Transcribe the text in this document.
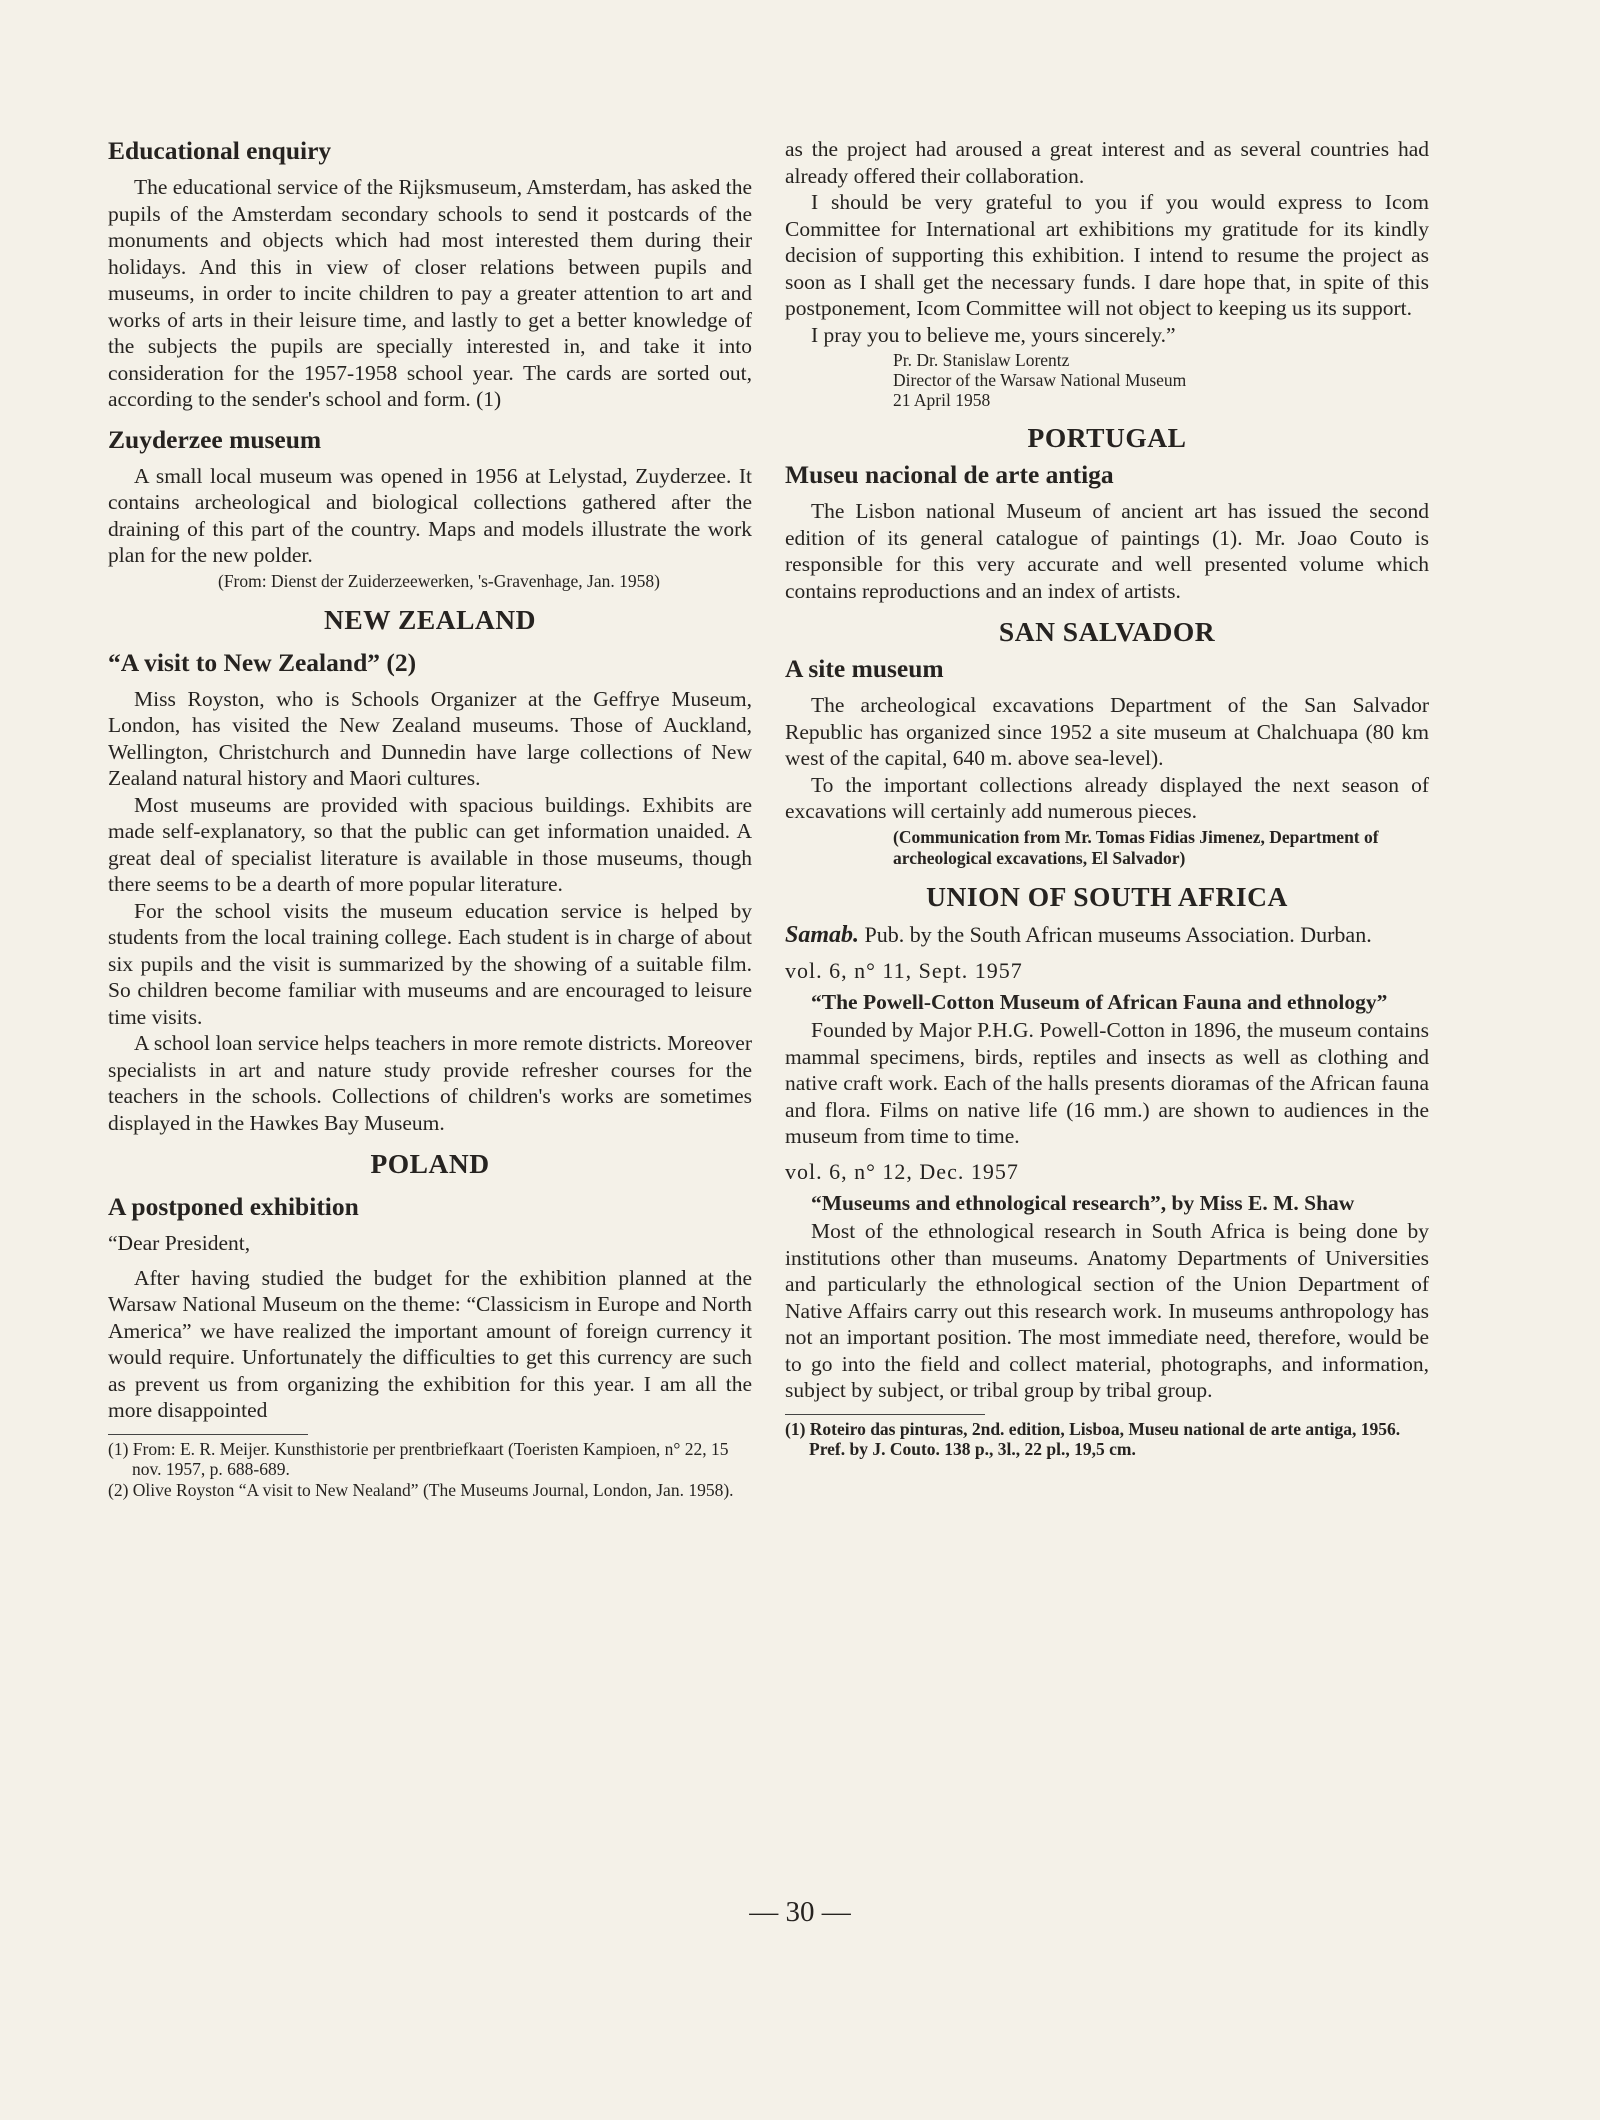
Educational enquiry

The educational service of the Rijksmuseum, Amsterdam, has asked the pupils of the Amsterdam secondary schools to send it postcards of the monuments and objects which had most interested them during their holidays. And this in view of closer relations between pupils and museums, in order to incite children to pay a greater attention to art and works of arts in their leisure time, and lastly to get a better knowledge of the subjects the pupils are specially interested in, and take it into consideration for the 1957-1958 school year. The cards are sorted out, according to the sender's school and form. (1)

Zuyderzee museum

A small local museum was opened in 1956 at Lelystad, Zuyderzee. It contains archeological and biological collections gathered after the draining of this part of the country. Maps and models illustrate the work plan for the new polder.

(From: Dienst der Zuiderzeewerken, 's-Gravenhage, Jan. 1958)
NEW ZEALAND
“A visit to New Zealand” (2)

Miss Royston, who is Schools Organizer at the Geffrye Museum, London, has visited the New Zealand museums. Those of Auckland, Wellington, Christchurch and Dunnedin have large collections of New Zealand natural history and Maori cultures.

Most museums are provided with spacious buildings. Exhibits are made self-explanatory, so that the public can get information unaided. A great deal of specialist literature is available in those museums, though there seems to be a dearth of more popular literature.

For the school visits the museum education service is helped by students from the local training college. Each student is in charge of about six pupils and the visit is summarized by the showing of a suitable film. So children become familiar with museums and are encouraged to leisure time visits.

A school loan service helps teachers in more remote districts. Moreover specialists in art and nature study provide refresher courses for the teachers in the schools. Collections of children's works are sometimes displayed in the Hawkes Bay Museum.

POLAND
A postponed exhibition

“Dear President,

After having studied the budget for the exhibition planned at the Warsaw National Museum on the theme: “Classicism in Europe and North America” we have realized the important amount of foreign currency it would require. Unfortunately the difficulties to get this currency are such as prevent us from organizing the exhibition for this year. I am all the more disappointed

(1) From: E. R. Meijer. Kunsthistorie per prentbriefkaart (Toeristen Kampioen, n° 22, 15 nov. 1957, p. 688-689.
(2) Olive Royston “A visit to New Nealand” (The Museums Journal, London, Jan. 1958).

as the project had aroused a great interest and as several countries had already offered their collaboration.

I should be very grateful to you if you would express to Icom Committee for International art exhibitions my gratitude for its kindly decision of supporting this exhibition. I intend to resume the project as soon as I shall get the necessary funds. I dare hope that, in spite of this postponement, Icom Committee will not object to keeping us its support.

I pray you to believe me, yours sincerely.”

Pr. Dr. Stanislaw Lorentz
Director of the Warsaw National Museum
21 April 1958
PORTUGAL
Museu nacional de arte antiga

The Lisbon national Museum of ancient art has issued the second edition of its general catalogue of paintings (1). Mr. Joao Couto is responsible for this very accurate and well presented volume which contains reproductions and an index of artists.

SAN SALVADOR
A site museum

The archeological excavations Department of the San Salvador Republic has organized since 1952 a site museum at Chalchuapa (80 km west of the capital, 640 m. above sea-level).

To the important collections already displayed the next season of excavations will certainly add numerous pieces.

(Communication from Mr. Tomas Fidias Jimenez, Department of archeological excavations, El Salvador)
UNION OF SOUTH AFRICA

Samab. Pub. by the South African museums Association. Durban.

vol. 6, n° 11, Sept. 1957

“The Powell-Cotton Museum of African Fauna and ethnology”

Founded by Major P.H.G. Powell-Cotton in 1896, the museum contains mammal specimens, birds, reptiles and insects as well as clothing and native craft work. Each of the halls presents dioramas of the African fauna and flora. Films on native life (16 mm.) are shown to audiences in the museum from time to time.

vol. 6, n° 12, Dec. 1957

“Museums and ethnological research”, by Miss E. M. Shaw

Most of the ethnological research in South Africa is being done by institutions other than museums. Anatomy Departments of Universities and particularly the ethnological section of the Union Department of Native Affairs carry out this research work. In museums anthropology has not an important position. The most immediate need, therefore, would be to go into the field and collect material, photographs, and information, subject by subject, or tribal group by tribal group.

(1) Roteiro das pinturas, 2nd. edition, Lisboa, Museu national de arte antiga, 1956. Pref. by J. Couto. 138 p., 3l., 22 pl., 19,5 cm.
— 30 —
